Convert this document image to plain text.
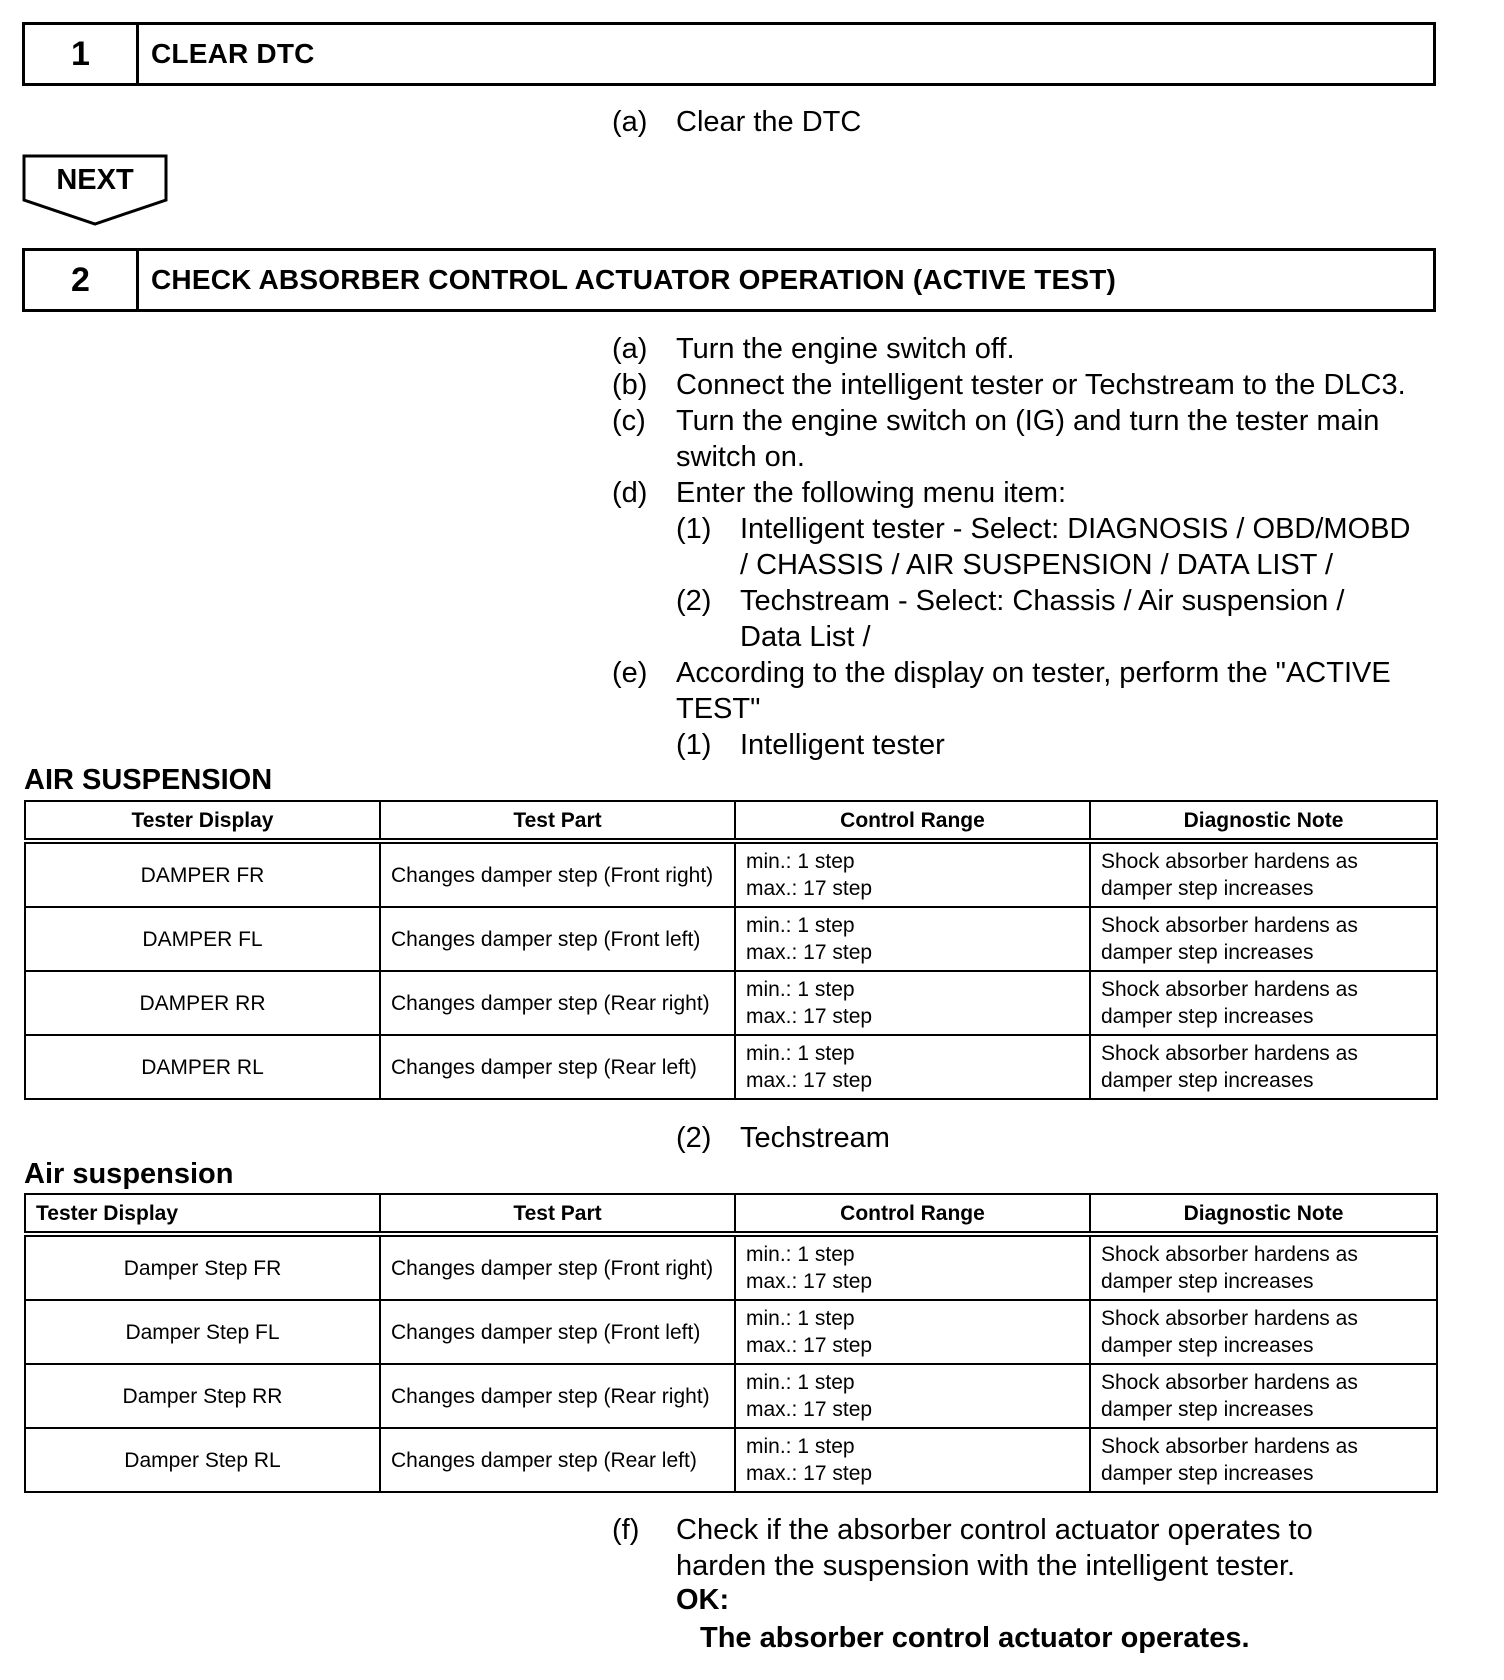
1	CLEAR DTC
(a) Clear the DTC
NEXT
2	CHECK ABSORBER CONTROL ACTUATOR OPERATION (ACTIVE TEST)
(a) Turn the engine switch off.
(b) Connect the intelligent tester or Techstream to the DLC3.
(c) Turn the engine switch on (IG) and turn the tester main
switch on.
(d) Enter the following menu item:
(1) Intelligent tester - Select: DIAGNOSIS / OBD/MOBD
/ CHASSIS / AIR SUSPENSION / DATA LIST /
(2) Techstream - Select: Chassis / Air suspension /
Data List /
(e) According to the display on tester, perform the "ACTIVE
TEST"
(1) Intelligent tester
AIR SUSPENSION
Tester Display	Test Part	Control Range	Diagnostic Note
DAMPER FR	Changes damper step (Front right)	min.: 1 step
max.: 17 step	Shock absorber hardens as damper step increases
DAMPER FL	Changes damper step (Front left)	min.: 1 step
max.: 17 step	Shock absorber hardens as damper step increases
DAMPER RR	Changes damper step (Rear right)	min.: 1 step
max.: 17 step	Shock absorber hardens as damper step increases
DAMPER RL	Changes damper step (Rear left)	min.: 1 step
max.: 17 step	Shock absorber hardens as damper step increases
(2) Techstream
Air suspension
Tester Display	Test Part	Control Range	Diagnostic Note
Damper Step FR	Changes damper step (Front right)	min.: 1 step
max.: 17 step	Shock absorber hardens as damper step increases
Damper Step FL	Changes damper step (Front left)	min.: 1 step
max.: 17 step	Shock absorber hardens as damper step increases
Damper Step RR	Changes damper step (Rear right)	min.: 1 step
max.: 17 step	Shock absorber hardens as damper step increases
Damper Step RL	Changes damper step (Rear left)	min.: 1 step
max.: 17 step	Shock absorber hardens as damper step increases
(f) Check if the absorber control actuator operates to
harden the suspension with the intelligent tester.
OK:
The absorber control actuator operates.
